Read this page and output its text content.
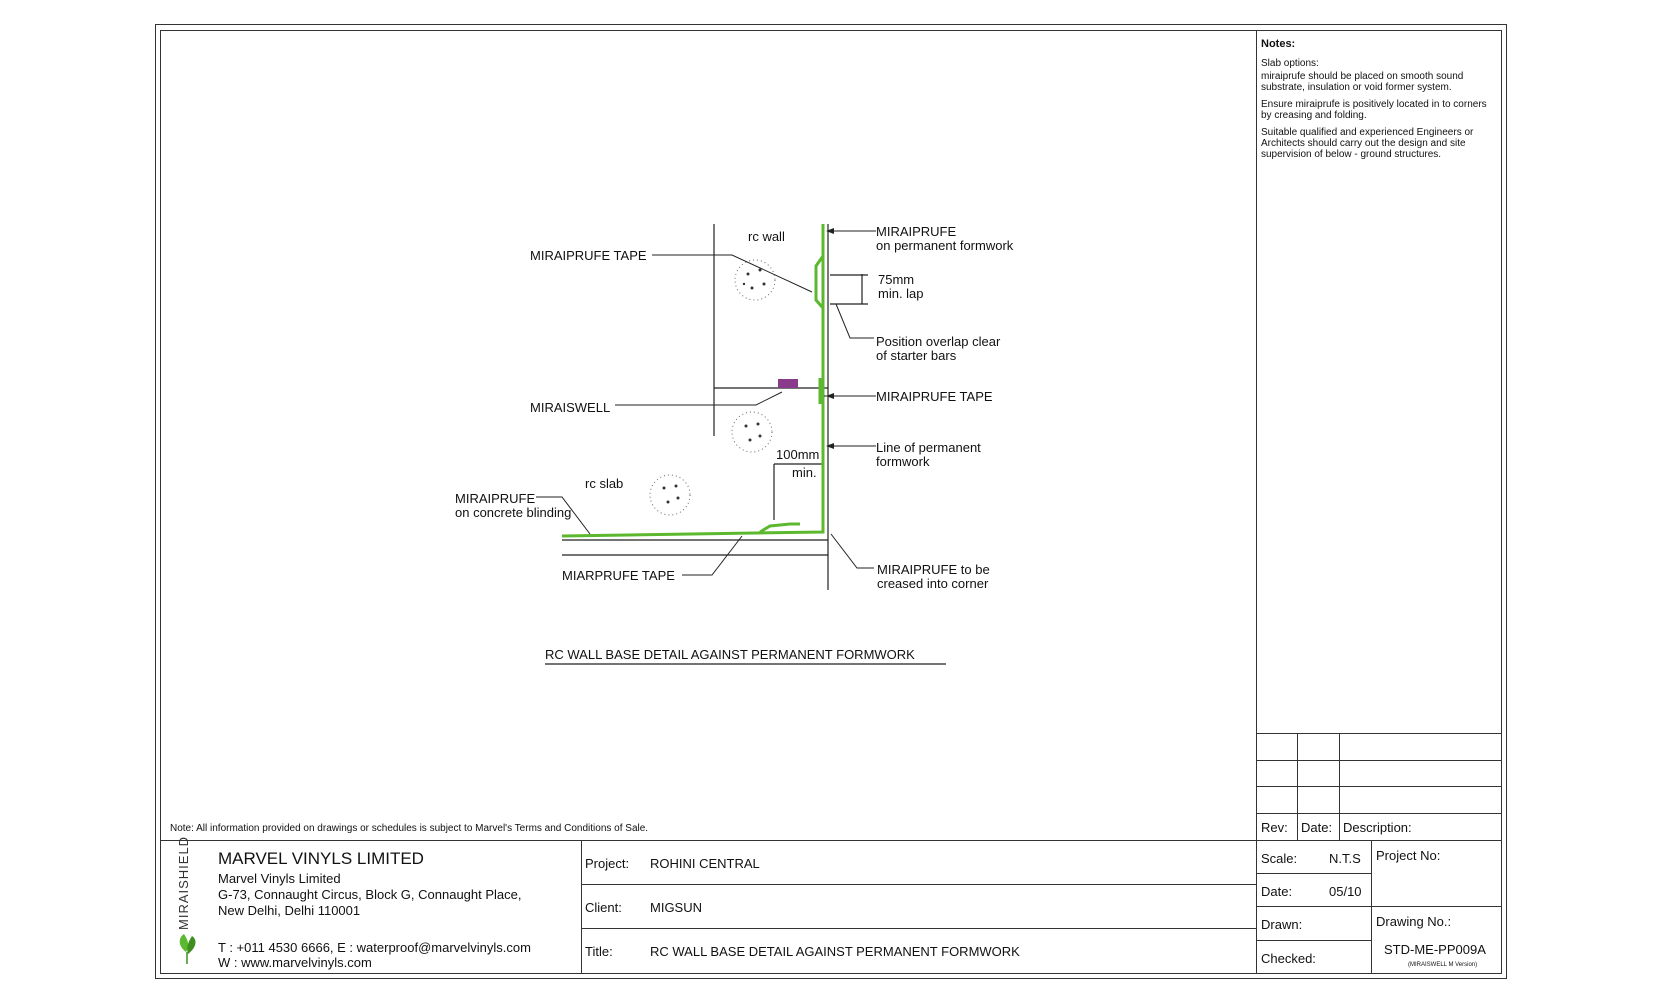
Notes:

Slab options:

miraiprufe should be placed on smooth sound substrate, insulation or void former system.

Ensure miraiprufe is positively located in to corners by creasing and folding.

Suitable qualified and experienced Engineers or Architects should carry out the design and site supervision of below - ground structures.

Rev: Date: Description:
Note: All information provided on drawings or schedules is subject to Marvel's Terms and Conditions of Sale.
MIRAISHIELD MARVEL VINYLS LIMITED
Marvel Vinyls Limited
G-73, Connaught Circus, Block G, Connaught Place,
New Delhi, Delhi 110001
T : +011 4530 6666, E : waterproof@marvelvinyls.com
W : www.marvelvinyls.com
Project: ROHINI CENTRAL
Client: MIGSUN
Title:	RC WALL BASE DETAIL AGAINST PERMANENT FORMWORK
Scale: N.T.S
Date:	05/10
Drawn:
Checked:
Project No:
Drawing No.:
STD-ME-PP009A
(MIRAISWELL M Version)
MIRAIPRUFE TAPE
rc wall	MIRAIPRUFE
on permanent formwork
75mm
min. lap
Position overlap clear
of starter bars
MIRAISWELL
MIRAIPRUFE TAPE
Line of permanent
formwork
100mm
min.
rc slab
MIRAIPRUFE
on concrete blinding
MIARPRUFE TAPE	MIRAIPRUFE to be
creased into corner
RC WALL BASE DETAIL AGAINST PERMANENT FORMWORK
